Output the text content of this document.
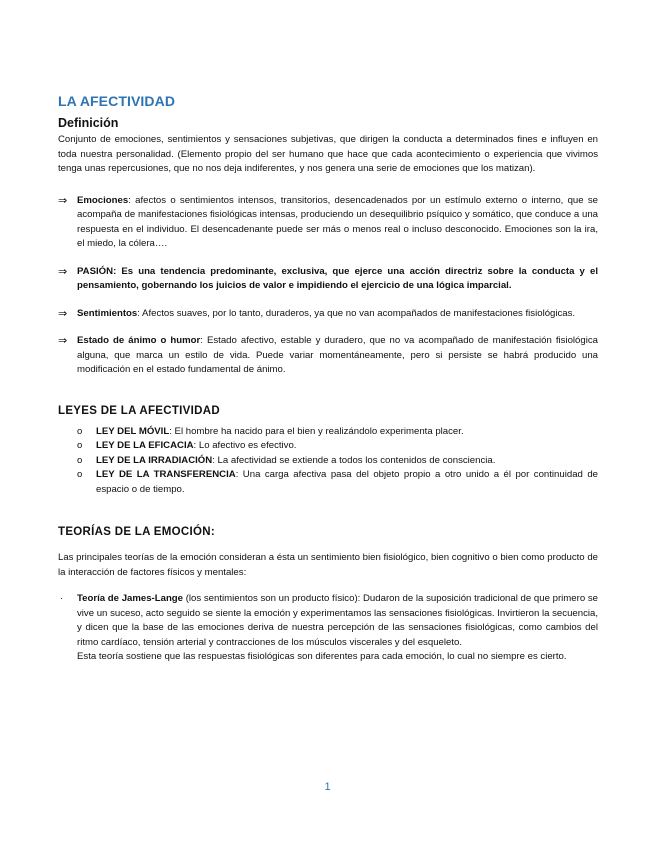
LA AFECTIVIDAD
Definición

Conjunto de emociones, sentimientos y sensaciones subjetivas, que dirigen la conducta a determinados fines e influyen en toda nuestra personalidad. (Elemento propio del ser humano que hace que cada acontecimiento o experiencia que vivimos tenga unas repercusiones, que no nos deja indiferentes, y nos genera una serie de emociones que los matizan).

⇒ Emociones: afectos o sentimientos intensos, transitorios, desencadenados por un estímulo externo o interno, que se acompaña de manifestaciones fisiológicas intensas, produciendo un desequilibrio psíquico y somático, que conduce a una respuesta en el individuo. El desencadenante puede ser más o menos real o incluso desconocido. Emociones son la ira, el miedo, la cólera….
⇒ PASIÓN: Es una tendencia predominante, exclusiva, que ejerce una acción directriz sobre la conducta y el pensamiento, gobernando los juicios de valor e impidiendo el ejercicio de una lógica imparcial.
⇒ Sentimientos: Afectos suaves, por lo tanto, duraderos, ya que no van acompañados de manifestaciones fisiológicas.
⇒ Estado de ánimo o humor: Estado afectivo, estable y duradero, que no va acompañado de manifestación fisiológica alguna, que marca un estilo de vida. Puede variar momentáneamente, pero si persiste se habrá producido una modificación en el estado fundamental de ánimo.
LEYES DE LA AFECTIVIDAD
o LEY DEL MÓVIL: El hombre ha nacido para el bien y realizándolo experimenta placer.
o LEY DE LA EFICACIA: Lo afectivo es efectivo.
o LEY DE LA IRRADIACIÓN: La afectividad se extiende a todos los contenidos de consciencia.
o LEY DE LA TRANSFERENCIA: Una carga afectiva pasa del objeto propio a otro unido a él por continuidad de espacio o de tiempo.
TEORÍAS DE LA EMOCIÓN:

Las principales teorías de la emoción consideran a ésta un sentimiento bien fisiológico, bien cognitivo o bien como producto de la interacción de factores físicos y mentales:

· Teoría de James-Lange (los sentimientos son un producto físico): Dudaron de la suposición tradicional de que primero se vive un suceso, acto seguido se siente la emoción y experimentamos las sensaciones fisiológicas. Invirtieron la secuencia, y dicen que la base de las emociones deriva de nuestra percepción de las sensaciones fisiológicas, como cambios del ritmo cardíaco, tensión arterial y contracciones de los músculos viscerales y del esqueleto.
Esta teoría sostiene que las respuestas fisiológicas son diferentes para cada emoción, lo cual no siempre es cierto.
1
